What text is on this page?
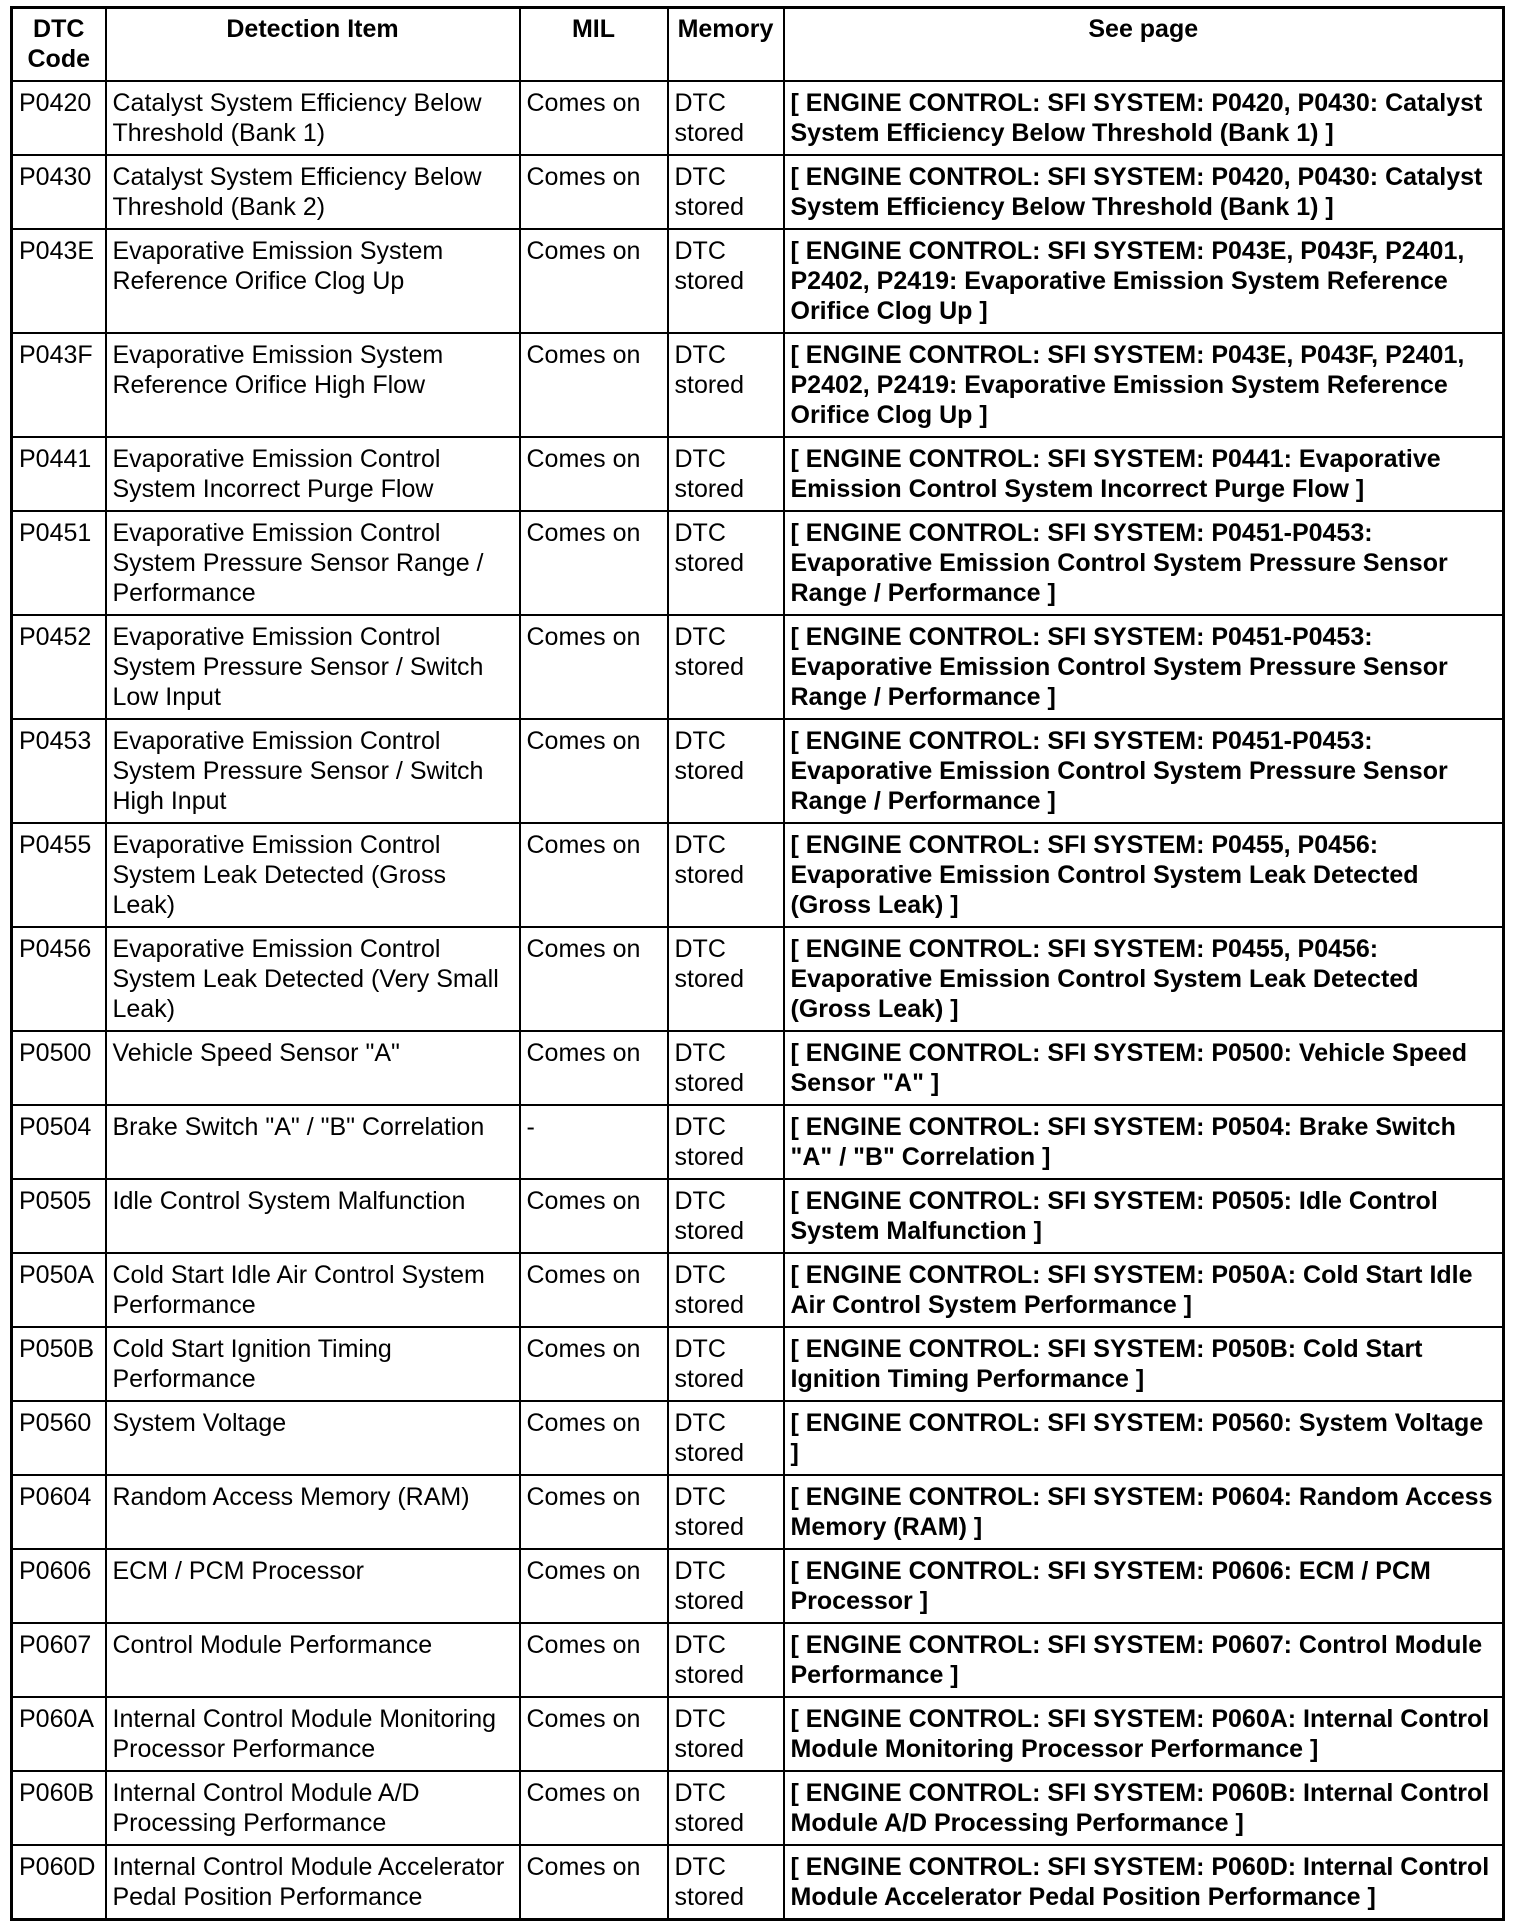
DTC Code	Detection Item	MIL	Memory	See page
P0420	Catalyst System Efficiency Below Threshold (Bank 1)	Comes on	DTC stored	[ ENGINE CONTROL: SFI SYSTEM: P0420, P0430: Catalyst System Efficiency Below Threshold (Bank 1) ]
P0430	Catalyst System Efficiency Below Threshold (Bank 2)	Comes on	DTC stored	[ ENGINE CONTROL: SFI SYSTEM: P0420, P0430: Catalyst System Efficiency Below Threshold (Bank 1) ]
P043E	Evaporative Emission System Reference Orifice Clog Up	Comes on	DTC stored	[ ENGINE CONTROL: SFI SYSTEM: P043E, P043F, P2401, P2402, P2419: Evaporative Emission System Reference Orifice Clog Up ]
P043F	Evaporative Emission System Reference Orifice High Flow	Comes on	DTC stored	[ ENGINE CONTROL: SFI SYSTEM: P043E, P043F, P2401, P2402, P2419: Evaporative Emission System Reference Orifice Clog Up ]
P0441	Evaporative Emission Control System Incorrect Purge Flow	Comes on	DTC stored	[ ENGINE CONTROL: SFI SYSTEM: P0441: Evaporative Emission Control System Incorrect Purge Flow ]
P0451	Evaporative Emission Control System Pressure Sensor Range / Performance	Comes on	DTC stored	[ ENGINE CONTROL: SFI SYSTEM: P0451-P0453: Evaporative Emission Control System Pressure Sensor Range / Performance ]
P0452	Evaporative Emission Control System Pressure Sensor / Switch Low Input	Comes on	DTC stored	[ ENGINE CONTROL: SFI SYSTEM: P0451-P0453: Evaporative Emission Control System Pressure Sensor Range / Performance ]
P0453	Evaporative Emission Control System Pressure Sensor / Switch High Input	Comes on	DTC stored	[ ENGINE CONTROL: SFI SYSTEM: P0451-P0453: Evaporative Emission Control System Pressure Sensor Range / Performance ]
P0455	Evaporative Emission Control System Leak Detected (Gross Leak)	Comes on	DTC stored	[ ENGINE CONTROL: SFI SYSTEM: P0455, P0456: Evaporative Emission Control System Leak Detected (Gross Leak) ]
P0456	Evaporative Emission Control System Leak Detected (Very Small Leak)	Comes on	DTC stored	[ ENGINE CONTROL: SFI SYSTEM: P0455, P0456: Evaporative Emission Control System Leak Detected (Gross Leak) ]
P0500	Vehicle Speed Sensor "A"	Comes on	DTC stored	[ ENGINE CONTROL: SFI SYSTEM: P0500: Vehicle Speed Sensor "A" ]
P0504	Brake Switch "A" / "B" Correlation	-	DTC stored	[ ENGINE CONTROL: SFI SYSTEM: P0504: Brake Switch "A" / "B" Correlation ]
P0505	Idle Control System Malfunction	Comes on	DTC stored	[ ENGINE CONTROL: SFI SYSTEM: P0505: Idle Control System Malfunction ]
P050A	Cold Start Idle Air Control System Performance	Comes on	DTC stored	[ ENGINE CONTROL: SFI SYSTEM: P050A: Cold Start Idle Air Control System Performance ]
P050B	Cold Start Ignition Timing Performance	Comes on	DTC stored	[ ENGINE CONTROL: SFI SYSTEM: P050B: Cold Start Ignition Timing Performance ]
P0560	System Voltage	Comes on	DTC stored	[ ENGINE CONTROL: SFI SYSTEM: P0560: System Voltage ]
P0604	Random Access Memory (RAM)	Comes on	DTC stored	[ ENGINE CONTROL: SFI SYSTEM: P0604: Random Access Memory (RAM) ]
P0606	ECM / PCM Processor	Comes on	DTC stored	[ ENGINE CONTROL: SFI SYSTEM: P0606: ECM / PCM Processor ]
P0607	Control Module Performance	Comes on	DTC stored	[ ENGINE CONTROL: SFI SYSTEM: P0607: Control Module Performance ]
P060A	Internal Control Module Monitoring Processor Performance	Comes on	DTC stored	[ ENGINE CONTROL: SFI SYSTEM: P060A: Internal Control Module Monitoring Processor Performance ]
P060B	Internal Control Module A/D Processing Performance	Comes on	DTC stored	[ ENGINE CONTROL: SFI SYSTEM: P060B: Internal Control Module A/D Processing Performance ]
P060D	Internal Control Module Accelerator Pedal Position Performance	Comes on	DTC stored	[ ENGINE CONTROL: SFI SYSTEM: P060D: Internal Control Module Accelerator Pedal Position Performance ]
